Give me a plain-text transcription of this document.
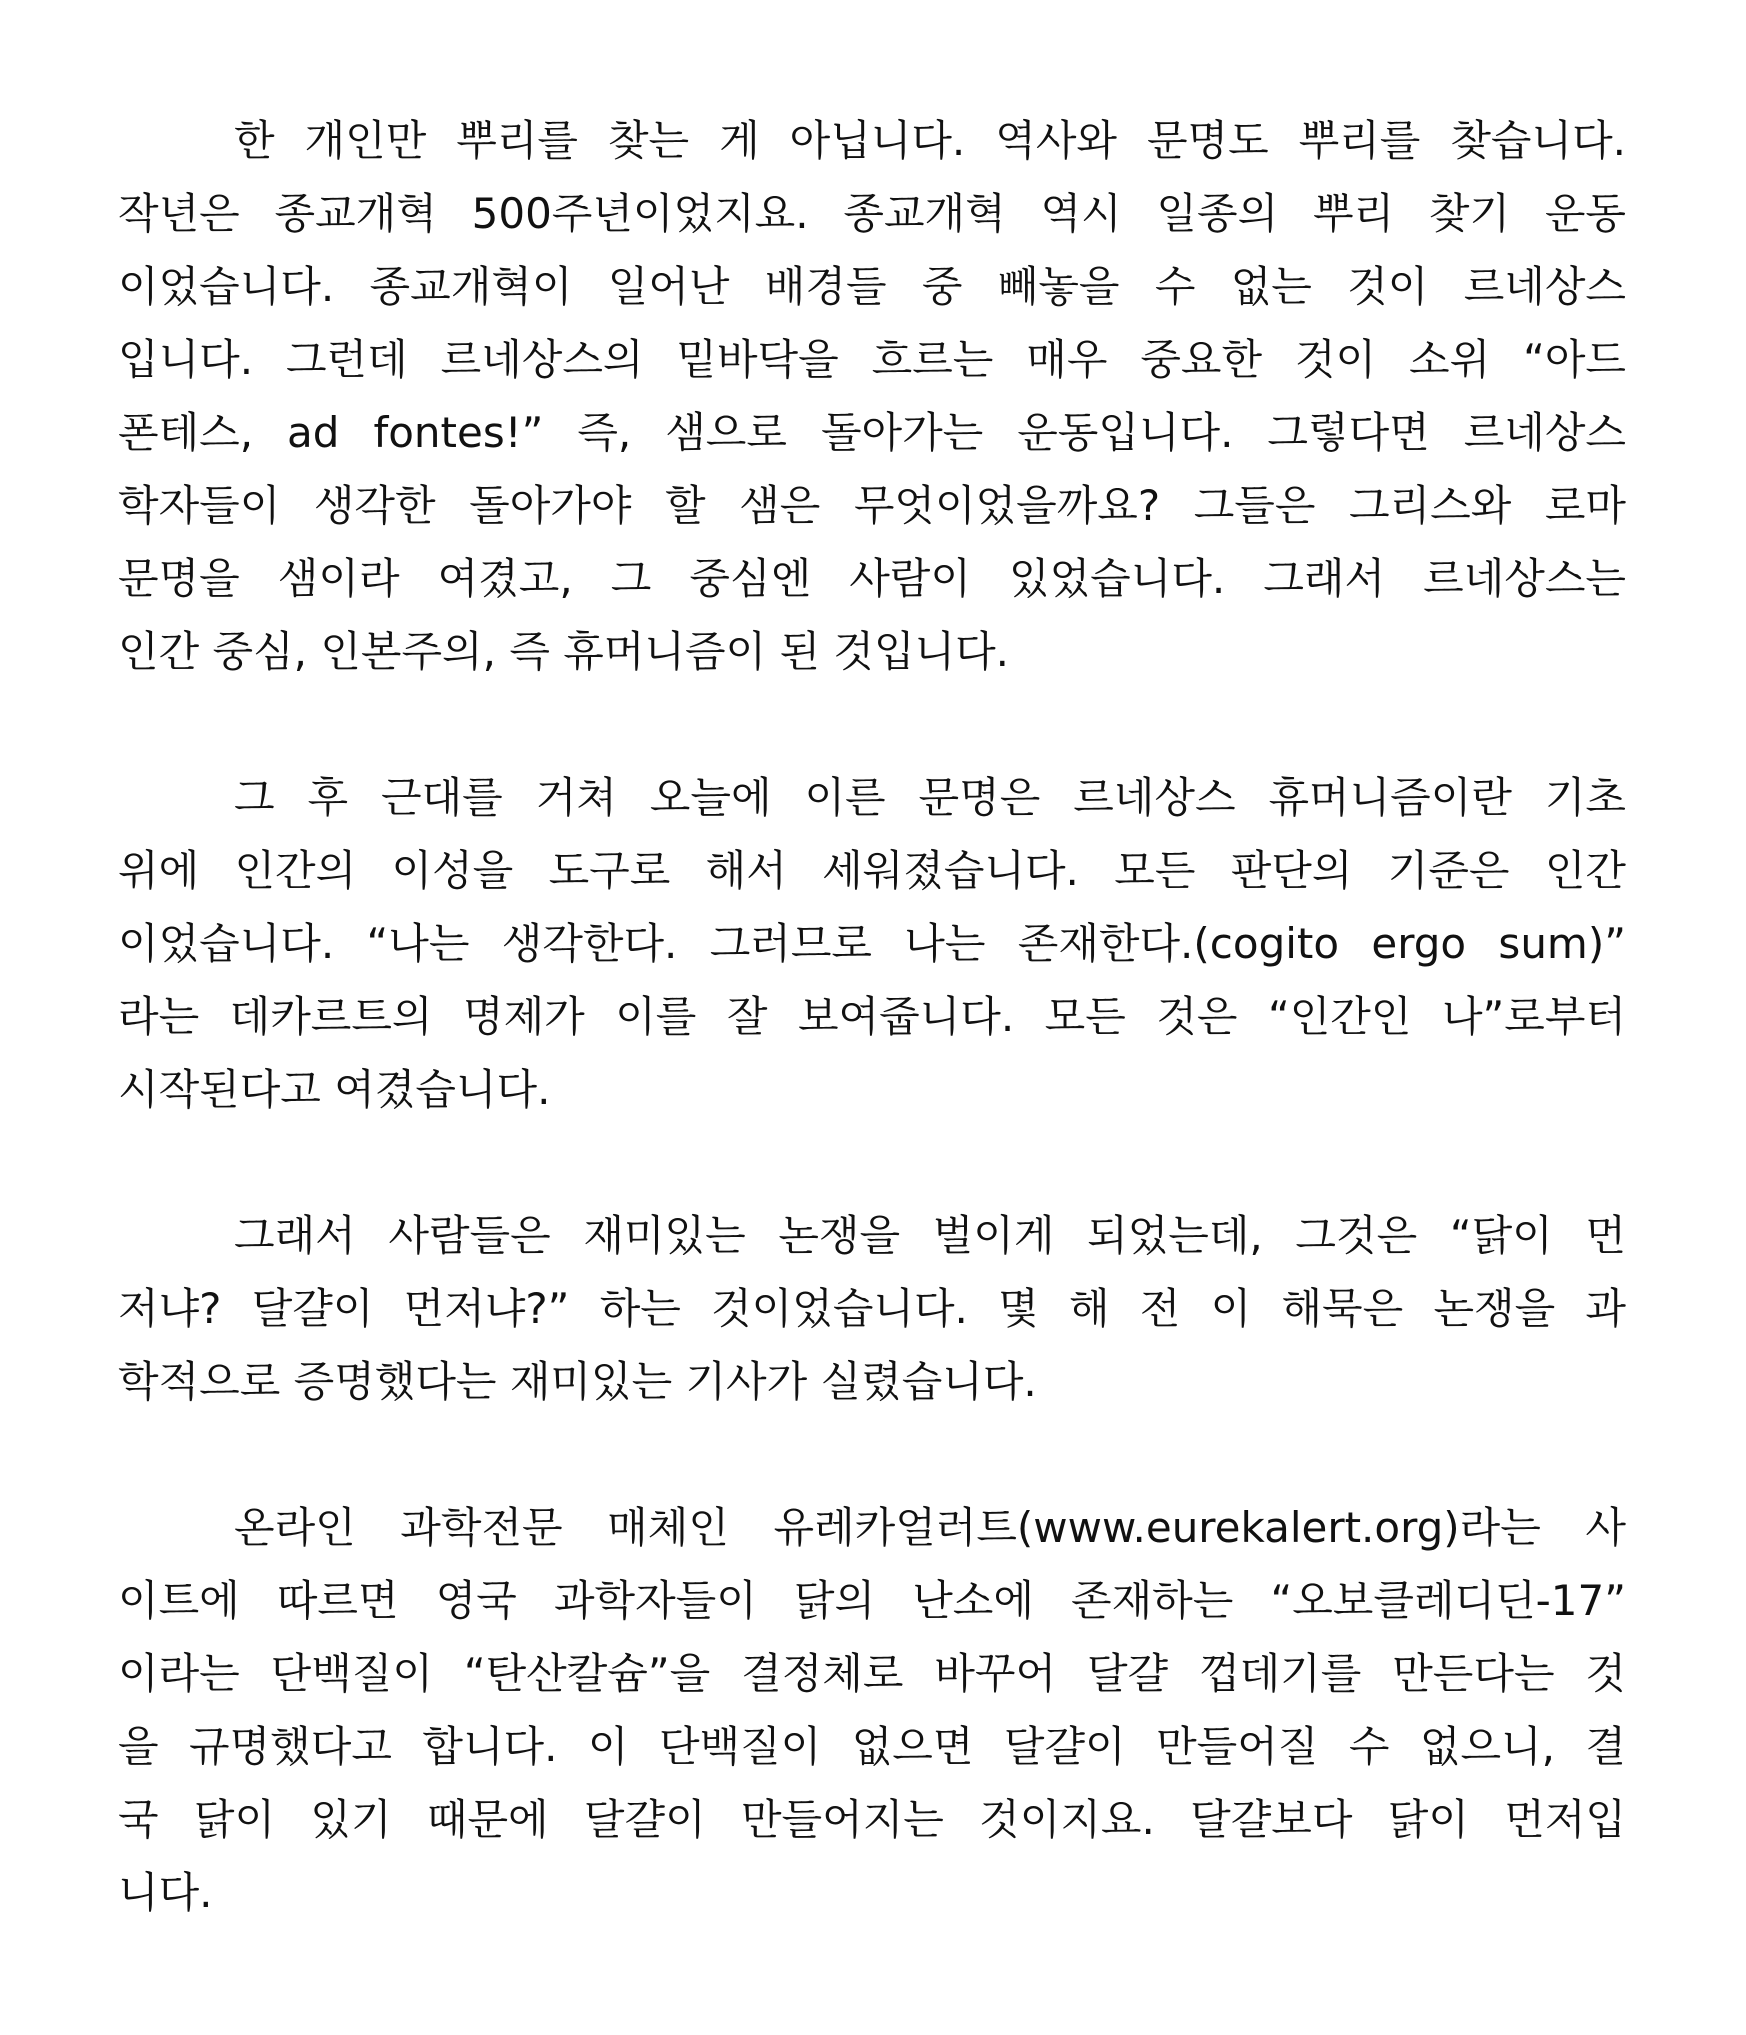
한 개인만 뿌리를 찾는 게 아닙니다. 역사와 문명도 뿌리를 찾습니다.
작년은 종교개혁 500주년이었지요. 종교개혁 역시 일종의 뿌리 찾기 운동
이었습니다. 종교개혁이 일어난 배경들 중 빼놓을 수 없는 것이 르네상스
입니다. 그런데 르네상스의 밑바닥을 흐르는 매우 중요한 것이 소위 “아드
폰테스, ad fontes!” 즉, 샘으로 돌아가는 운동입니다. 그렇다면 르네상스
학자들이 생각한 돌아가야 할 샘은 무엇이었을까요? 그들은 그리스와 로마
문명을 샘이라 여겼고, 그 중심엔 사람이 있었습니다. 그래서 르네상스는
인간 중심, 인본주의, 즉 휴머니즘이 된 것입니다.
그 후 근대를 거쳐 오늘에 이른 문명은 르네상스 휴머니즘이란 기초
위에 인간의 이성을 도구로 해서 세워졌습니다. 모든 판단의 기준은 인간
이었습니다. “나는 생각한다. 그러므로 나는 존재한다.(cogito ergo sum)”
라는 데카르트의 명제가 이를 잘 보여줍니다. 모든 것은 “인간인 나”로부터
시작된다고 여겼습니다.
그래서 사람들은 재미있는 논쟁을 벌이게 되었는데, 그것은 “닭이 먼
저냐? 달걀이 먼저냐?” 하는 것이었습니다. 몇 해 전 이 해묵은 논쟁을 과
학적으로 증명했다는 재미있는 기사가 실렸습니다.
온라인 과학전문 매체인 유레카얼러트(www.eurekalert.org)라는 사
이트에 따르면 영국 과학자들이 닭의 난소에 존재하는 “오보클레디딘-17”
이라는 단백질이 “탄산칼슘”을 결정체로 바꾸어 달걀 껍데기를 만든다는 것
을 규명했다고 합니다. 이 단백질이 없으면 달걀이 만들어질 수 없으니, 결
국 닭이 있기 때문에 달걀이 만들어지는 것이지요. 달걀보다 닭이 먼저입
니다.
